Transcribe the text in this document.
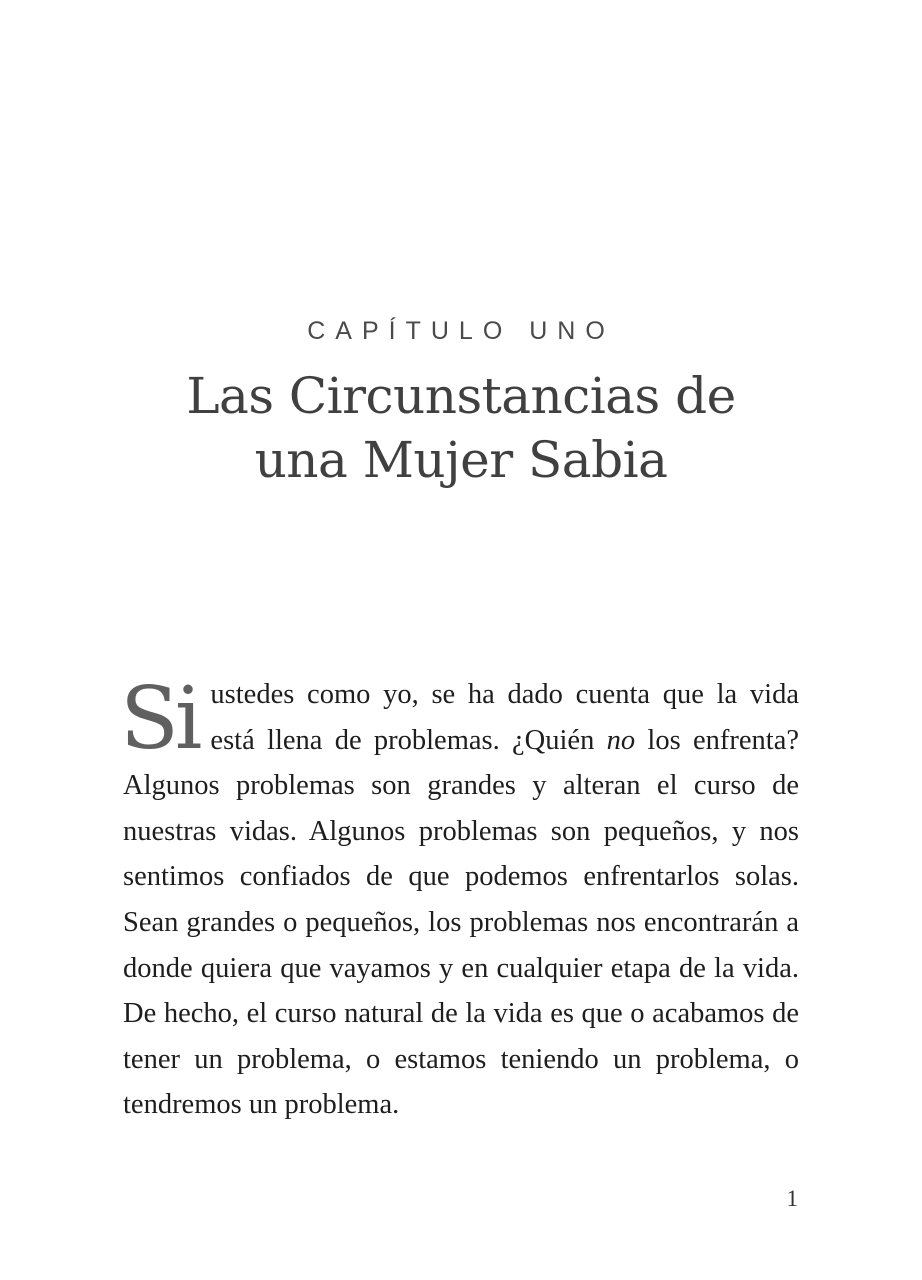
CAPÍTULO UNO
Las Circunstancias de
una Mujer Sabia

Si ustedes como yo, se ha dado cuenta que la vida está llena de problemas. ¿Quién no los enfrenta? Algunos problemas son grandes y alteran el curso de nuestras vidas. Algunos problemas son pequeños, y nos sentimos confiados de que podemos enfrentarlos solas. Sean grandes o pequeños, los problemas nos encontrarán a donde quiera que vayamos y en cualquier etapa de la vida. De hecho, el curso natural de la vida es que o acabamos de tener un problema, o estamos teniendo un problema, o tendremos un problema.

1
